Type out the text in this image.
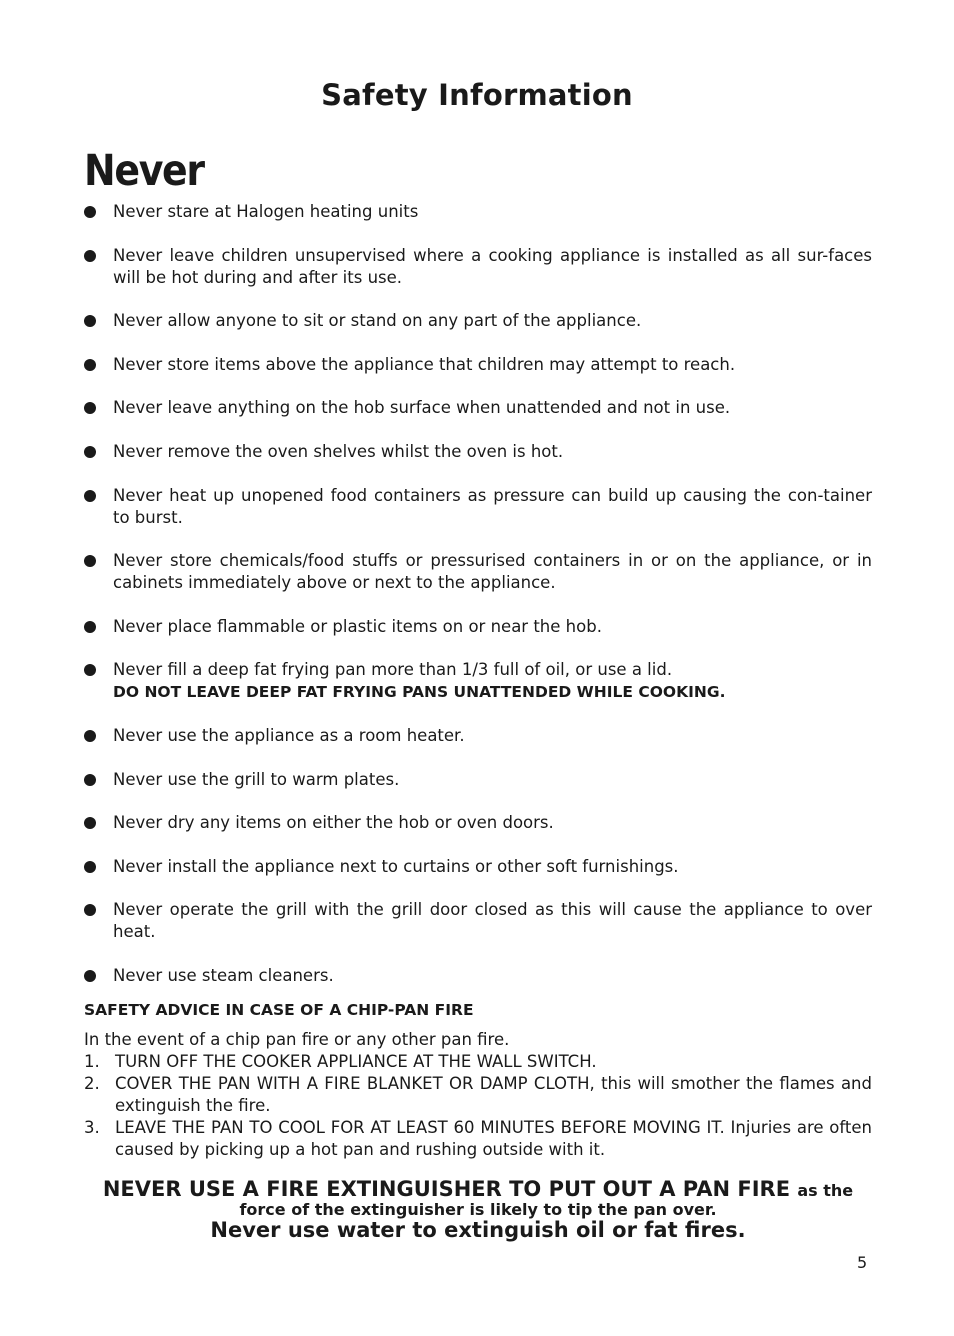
Safety Information
Never
Never stare at Halogen heating units
Never leave children unsupervised where a cooking appliance is installed as all sur-faces will be hot during and after its use.
Never allow anyone to sit or stand on any part of the appliance.
Never store items above the appliance that children may attempt to reach.
Never leave anything on the hob surface when unattended and not in use.
Never remove the oven shelves whilst the oven is hot.
Never heat up unopened food containers as pressure can build up causing the con-tainer to burst.
Never store chemicals/food stuffs or pressurised containers in or on the appliance, or in cabinets immediately above or next to the appliance.
Never place flammable or plastic items on or near the hob.
Never fill a deep fat frying pan more than 1/3 full of oil, or use a lid.
DO NOT LEAVE DEEP FAT FRYING PANS UNATTENDED WHILE COOKING.
Never use the appliance as a room heater.
Never use the grill to warm plates.
Never dry any items on either the hob or oven doors.
Never install the appliance next to curtains or other soft furnishings.
Never operate the grill with the grill door closed as this will cause the appliance to over heat.
Never use steam cleaners.
SAFETY ADVICE IN CASE OF A CHIP-PAN FIRE

In the event of a chip pan fire or any other pan fire.

1. TURN OFF THE COOKER APPLIANCE AT THE WALL SWITCH.
2. COVER THE PAN WITH A FIRE BLANKET OR DAMP CLOTH, this will smother the flames and extinguish the fire.
3. LEAVE THE PAN TO COOL FOR AT LEAST 60 MINUTES BEFORE MOVING IT. Injuries are often caused by picking up a hot pan and rushing outside with it.
NEVER USE A FIRE EXTINGUISHER TO PUT OUT A PAN FIRE as the
force of the extinguisher is likely to tip the pan over.
Never use water to extinguish oil or fat fires.
5
